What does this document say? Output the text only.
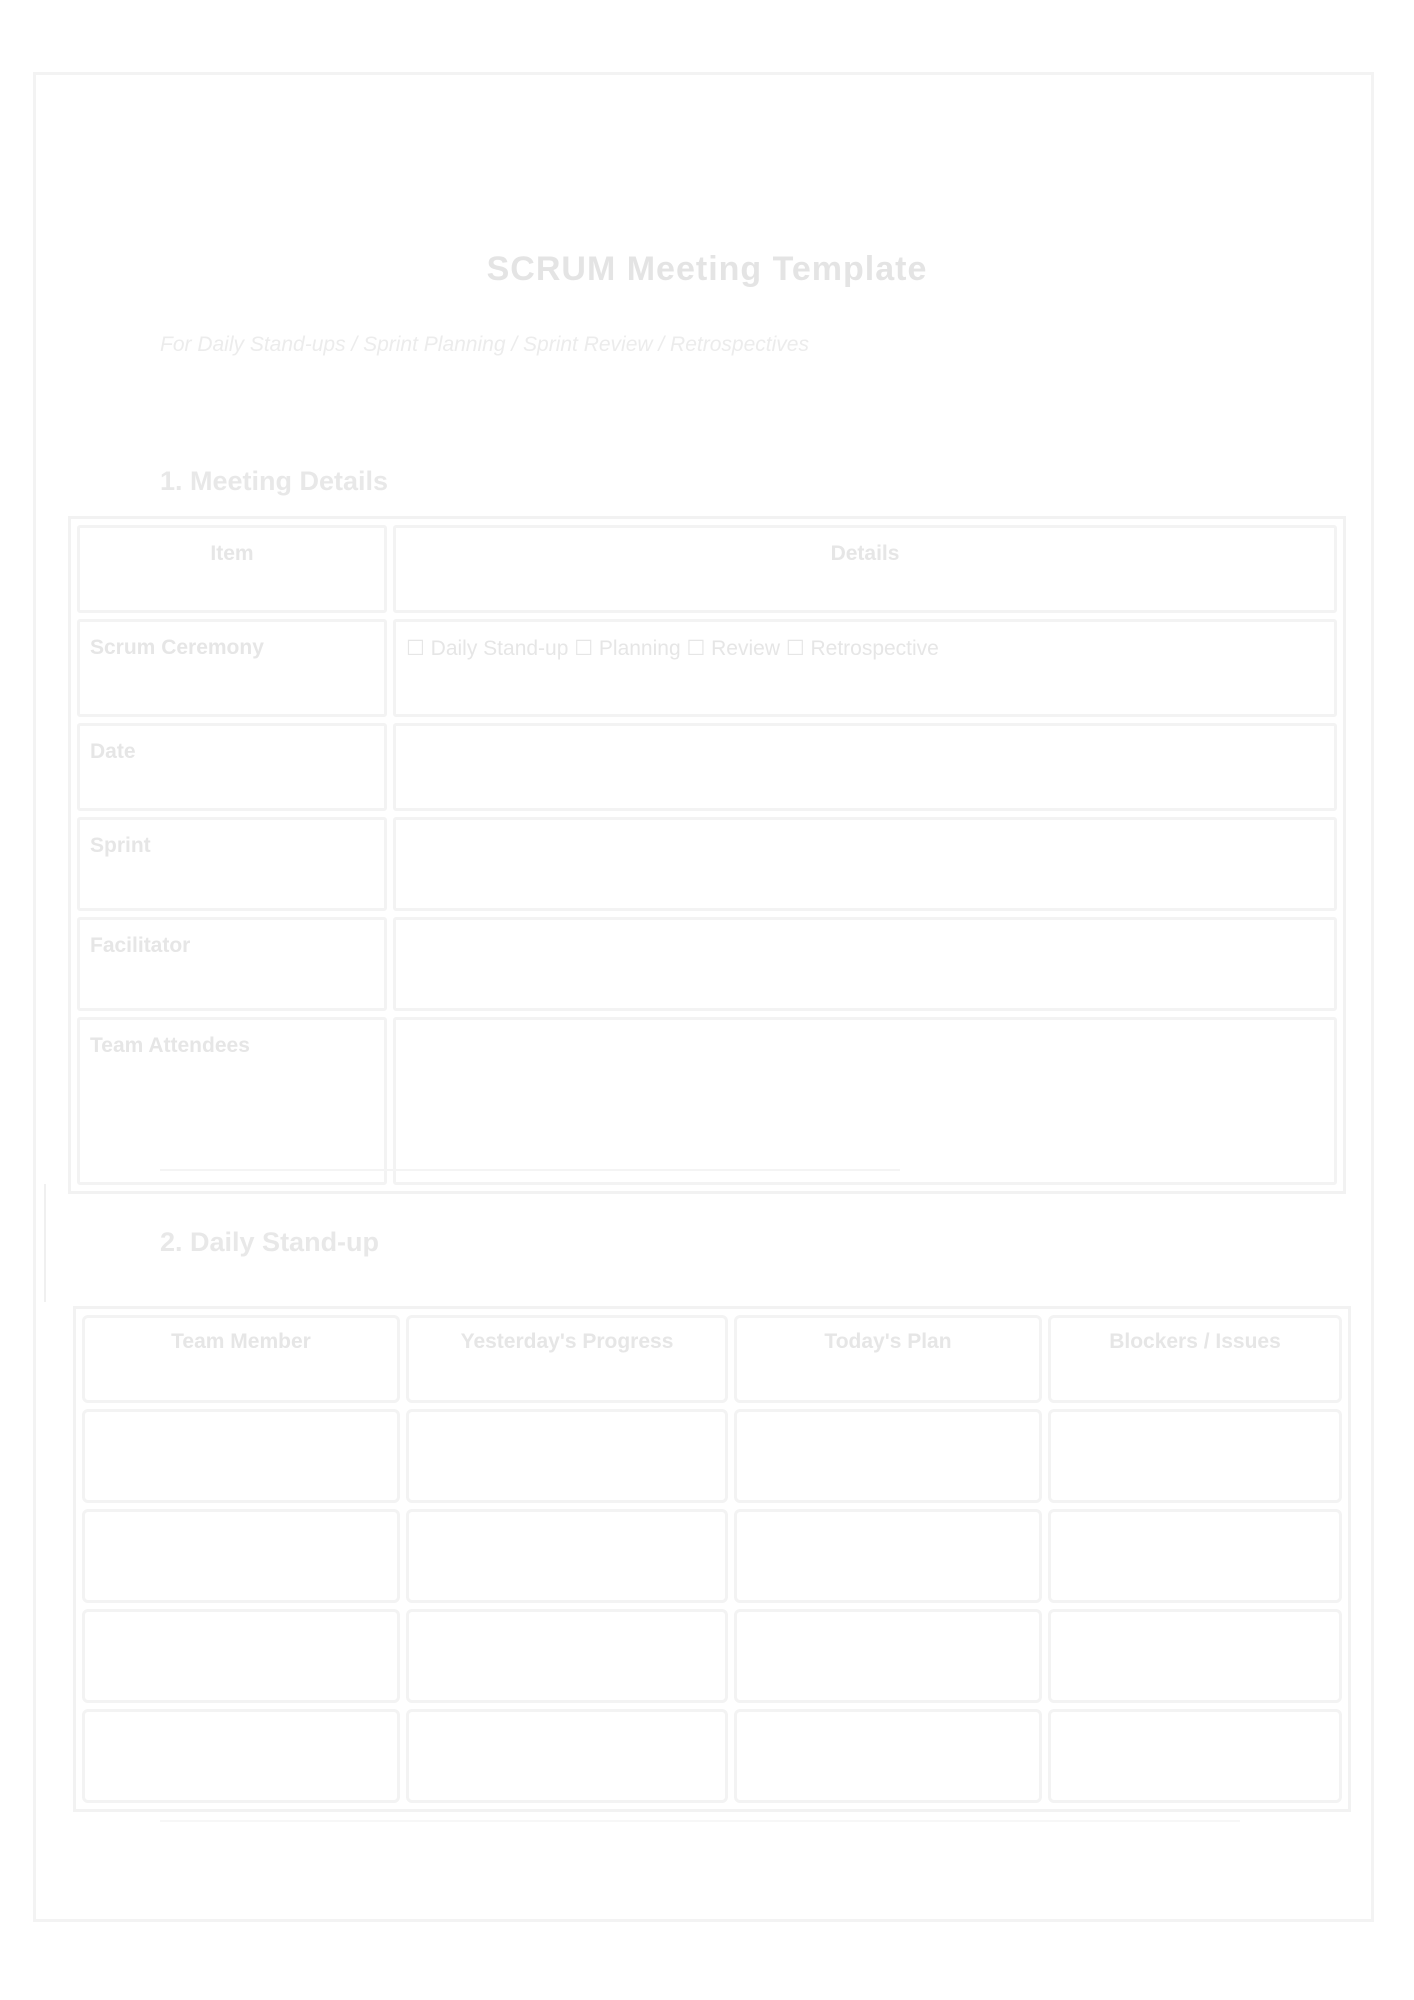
SCRUM Meeting Template
For Daily Stand-ups / Sprint Planning / Sprint Review / Retrospectives
1. Meeting Details
Item	Details
Scrum Ceremony	☐ Daily Stand-up ☐ Planning ☐ Review ☐ Retrospective
Date	
Sprint	
Facilitator	
Team Attendees	
2. Daily Stand-up
Team Member	Yesterday's Progress	Today's Plan	Blockers / Issues
